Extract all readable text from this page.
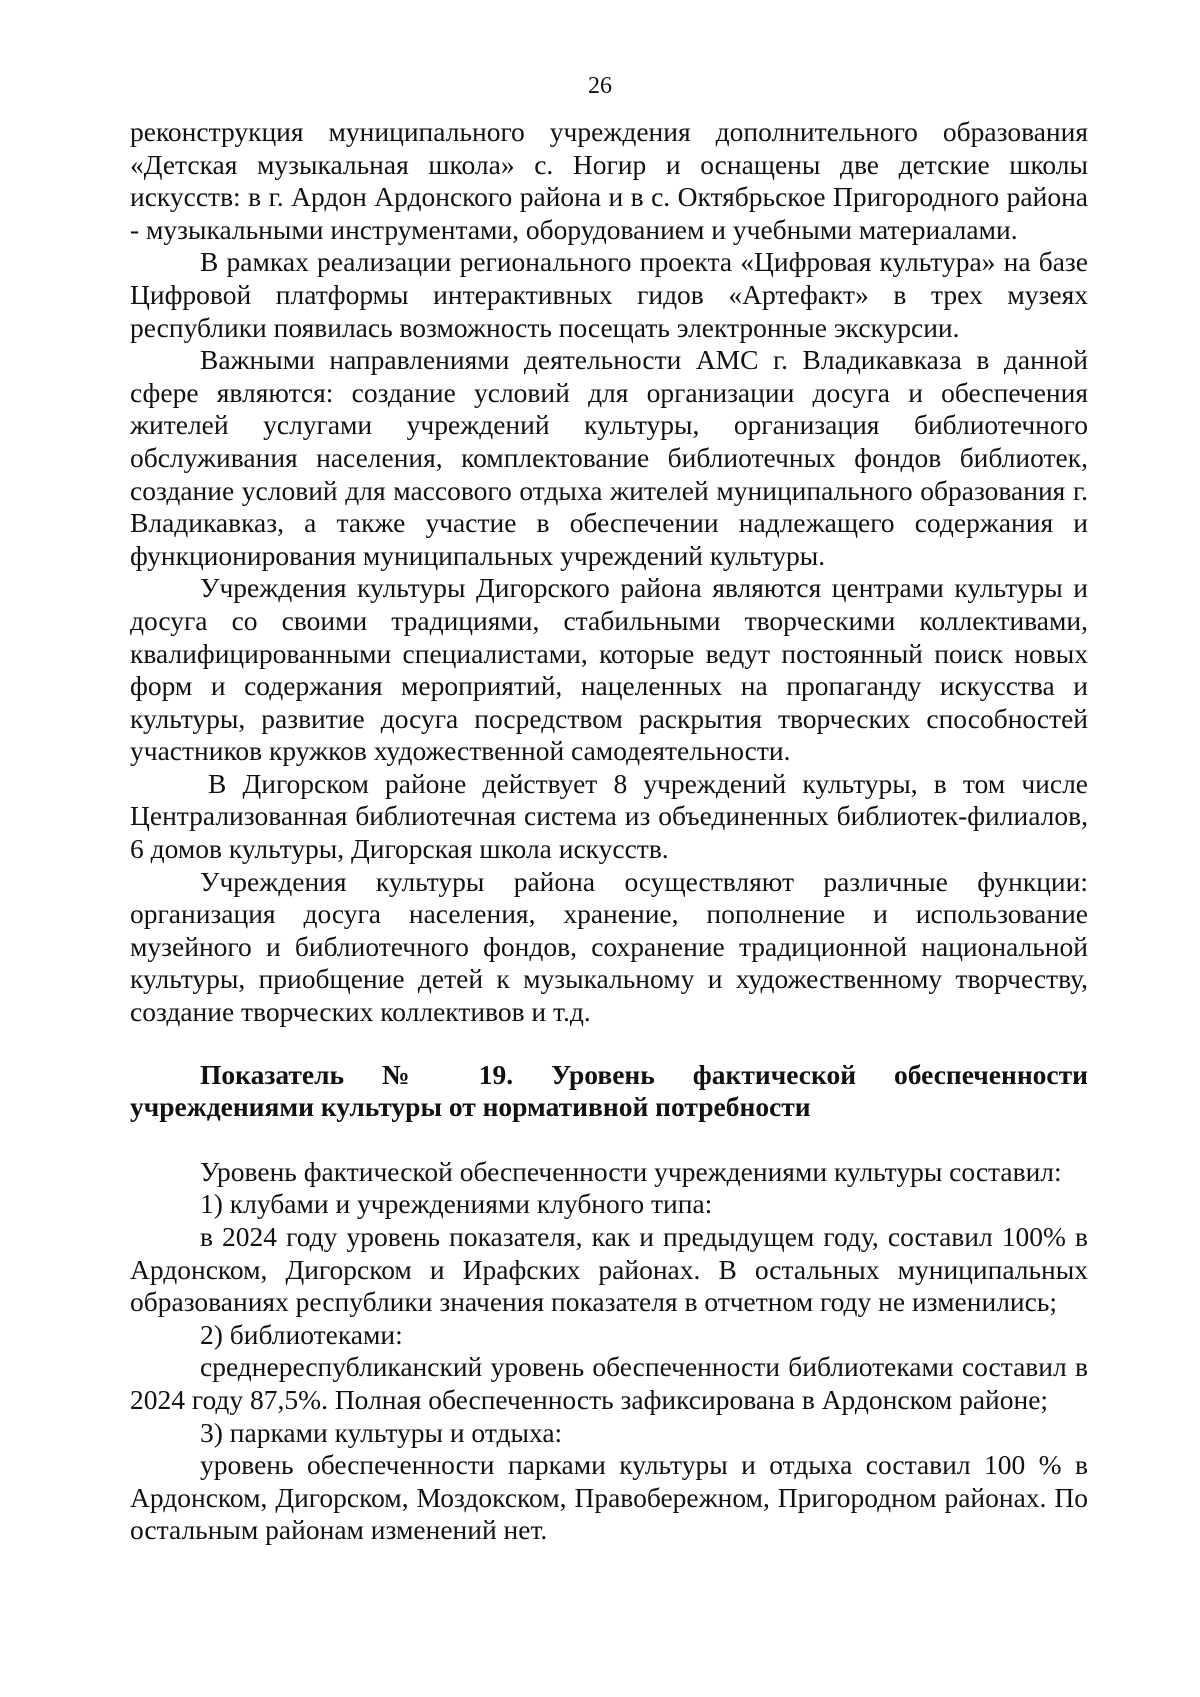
26

реконструкция муниципального учреждения дополнительного образования «Детская музыкальная школа» с. Ногир и оснащены две детские школы искусств: в г. Ардон Ардонского района и в с. Октябрьское Пригородного района - музыкальными инструментами, оборудованием и учебными материалами.

В рамках реализации регионального проекта «Цифровая культура» на базе Цифровой платформы интерактивных гидов «Артефакт» в трех музеях республики появилась возможность посещать электронные экскурсии.

Важными направлениями деятельности АМС г. Владикавказа в данной сфере являются: создание условий для организации досуга и обеспечения жителей услугами учреждений культуры, организация библиотечного обслуживания населения, комплектование библиотечных фондов библиотек, создание условий для массового отдыха жителей муниципального образования г. Владикавказ, а также участие в обеспечении надлежащего содержания и функционирования муниципальных учреждений культуры.

Учреждения культуры Дигорского района являются центрами культуры и досуга со своими традициями, стабильными творческими коллективами, квалифицированными специалистами, которые ведут постоянный поиск новых форм и содержания мероприятий, нацеленных на пропаганду искусства и культуры, развитие досуга посредством раскрытия творческих способностей участников кружков художественной самодеятельности.

В Дигорском районе действует 8 учреждений культуры, в том числе Централизованная библиотечная система из объединенных библиотек-филиалов, 6 домов культуры, Дигорская школа искусств.

Учреждения культуры района осуществляют различные функции: организация досуга населения, хранение, пополнение и использование музейного и библиотечного фондов, сохранение традиционной национальной культуры, приобщение детей к музыкальному и художественному творчеству, создание творческих коллективов и т.д.

Показатель № 19. Уровень фактической обеспеченности учреждениями культуры от нормативной потребности

Уровень фактической обеспеченности учреждениями культуры составил:

1) клубами и учреждениями клубного типа:

в 2024 году уровень показателя, как и предыдущем году, составил 100% в Ардонском, Дигорском и Ирафских районах. В остальных муниципальных образованиях республики значения показателя в отчетном году не изменились;

2) библиотеками:

среднереспубликанский уровень обеспеченности библиотеками составил в 2024 году 87,5%. Полная обеспеченность зафиксирована в Ардонском районе;

3) парками культуры и отдыха:

уровень обеспеченности парками культуры и отдыха составил 100 % в Ардонском, Дигорском, Моздокском, Правобережном, Пригородном районах. По остальным районам изменений нет.
